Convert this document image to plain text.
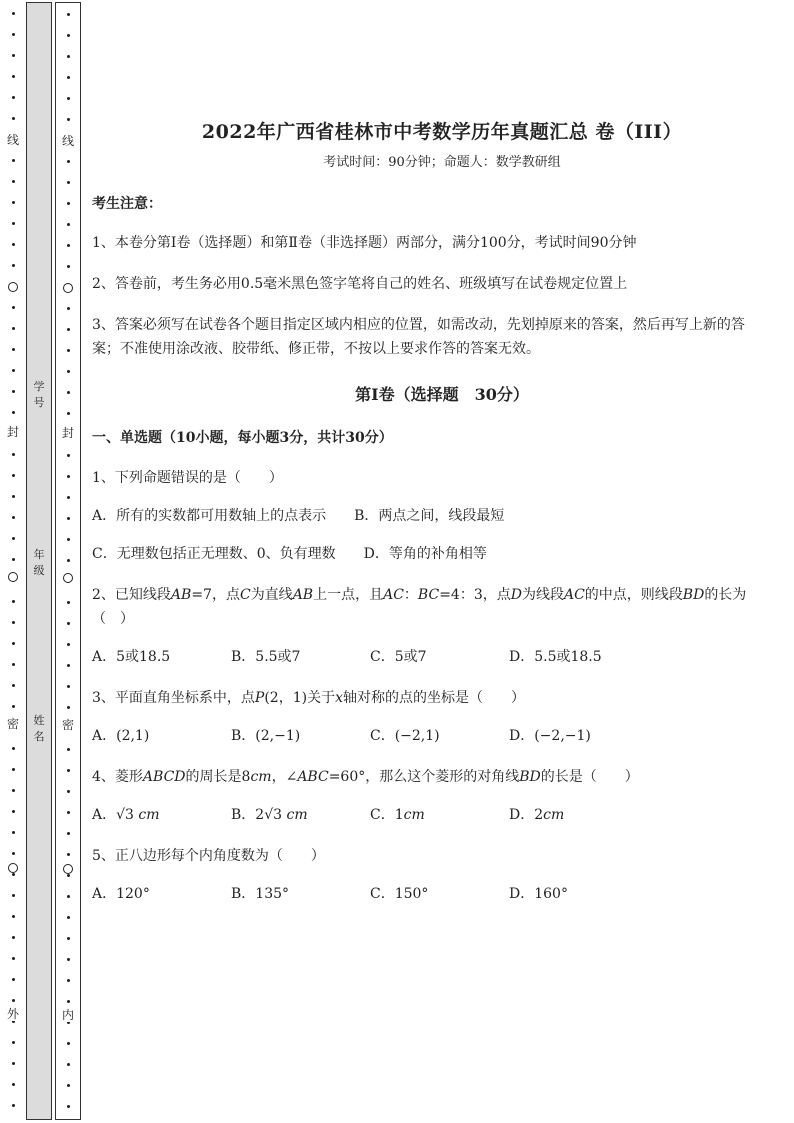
线
封
密
外
学
号
年
级
姓
名
线
封
密
内
2022年广西省桂林市中考数学历年真题汇总 卷（III）
考试时间：90分钟；命题人：数学教研组
考生注意：
1、本卷分第I卷（选择题）和第Ⅱ卷（非选择题）两部分，满分100分，考试时间90分钟
2、答卷前，考生务必用0.5毫米黑色签字笔将自己的姓名、班级填写在试卷规定位置上
3、答案必须写在试卷各个题目指定区域内相应的位置，如需改动，先划掉原来的答案，然后再写上新的答案；不准使用涂改液、胶带纸、修正带，不按以上要求作答的答案无效。
第I卷（选择题　30分）
一、单选题（10小题，每小题3分，共计30分）
1、下列命题错误的是（　　）
A．所有的实数都可用数轴上的点表示 B．两点之间，线段最短
C．无理数包括正无理数、0、负有理数 D．等角的补角相等
2、已知线段AB=7，点C为直线AB上一点，且AC：BC=4：3，点D为线段AC的中点，则线段BD的长为（　）
A．5或18.5	B．5.5或7	C．5或7	D．5.5或18.5
3、平面直角坐标系中，点P(2，1)关于x轴对称的点的坐标是（　　）
A．(2,1)	B．(2,−1)	C．(−2,1)	D．(−2,−1)
4、菱形ABCD的周长是8cm，∠ABC=60°，那么这个菱形的对角线BD的长是（　　）
A．√3 cm	B．2√3 cm	C．1cm	D．2cm
5、正八边形每个内角度数为（　　）
A．120°	B．135°	C．150°	D．160°
